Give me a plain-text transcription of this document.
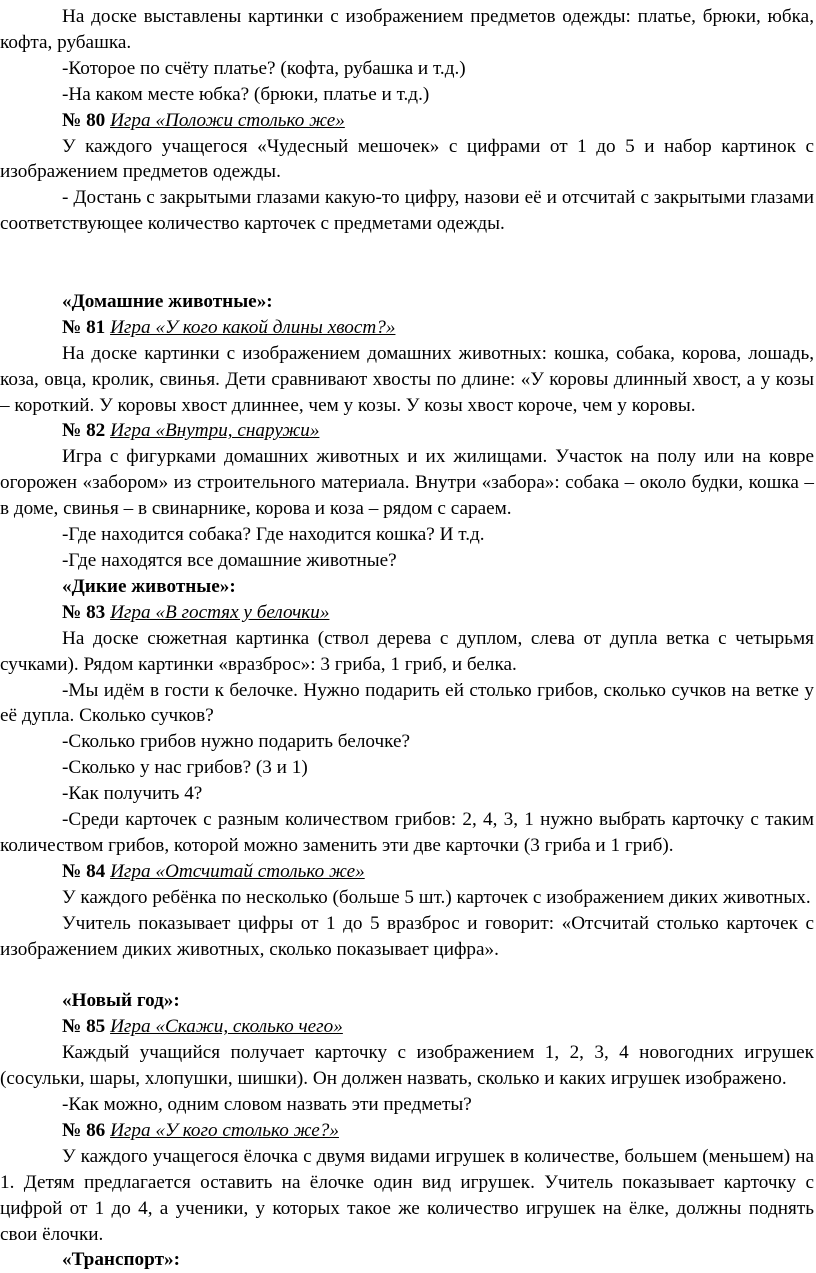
На доске выставлены картинки с изображением предметов одежды: платье, брюки, юбка, кофта, рубашка.

-Которое по счёту платье? (кофта, рубашка и т.д.)

-На каком месте юбка? (брюки, платье и т.д.)

№ 80 Игра «Положи столько же»

У каждого учащегося «Чудесный мешочек» с цифрами от 1 до 5 и набор картинок с изображением предметов одежды.

- Достань с закрытыми глазами какую-то цифру, назови её и отсчитай с закрытыми глазами соответствующее количество карточек с предметами одежды.

«Домашние животные»:

№ 81 Игра «У кого какой длины хвост?»

На доске картинки с изображением домашних животных: кошка, собака, корова, лошадь, коза, овца, кролик, свинья. Дети сравнивают хвосты по длине: «У коровы длинный хвост, а у козы – короткий. У коровы хвост длиннее, чем у козы. У козы хвост короче, чем у коровы.

№ 82 Игра «Внутри, снаружи»

Игра с фигурками домашних животных и их жилищами. Участок на полу или на ковре огорожен «забором» из строительного материала. Внутри «забора»: собака – около будки, кошка – в доме, свинья – в свинарнике, корова и коза – рядом с сараем.

-Где находится собака? Где находится кошка? И т.д.

-Где находятся все домашние животные?

«Дикие животные»:

№ 83 Игра «В гостях у белочки»

На доске сюжетная картинка (ствол дерева с дуплом, слева от дупла ветка с четырьмя сучками). Рядом картинки «вразброс»: 3 гриба, 1 гриб, и белка.

-Мы идём в гости к белочке. Нужно подарить ей столько грибов, сколько сучков на ветке у её дупла. Сколько сучков?

-Сколько грибов нужно подарить белочке?

-Сколько у нас грибов? (3 и 1)

-Как получить 4?

-Среди карточек с разным количеством грибов: 2, 4, 3, 1 нужно выбрать карточку с таким количеством грибов, которой можно заменить эти две карточки (3 гриба и 1 гриб).

№ 84 Игра «Отсчитай столько же»

У каждого ребёнка по несколько (больше 5 шт.) карточек с изображением диких животных.

Учитель показывает цифры от 1 до 5 вразброс и говорит: «Отсчитай столько карточек с изображением диких животных, сколько показывает цифра».

«Новый год»:

№ 85 Игра «Скажи, сколько чего»

Каждый учащийся получает карточку с изображением 1, 2, 3, 4 новогодних игрушек (сосульки, шары, хлопушки, шишки). Он должен назвать, сколько и каких игрушек изображено.

-Как можно, одним словом назвать эти предметы?

№ 86 Игра «У кого столько же?»

У каждого учащегося ёлочка с двумя видами игрушек в количестве, большем (меньшем) на 1. Детям предлагается оставить на ёлочке один вид игрушек. Учитель показывает карточку с цифрой от 1 до 4, а ученики, у которых такое же количество игрушек на ёлке, должны поднять свои ёлочки.

«Транспорт»:
